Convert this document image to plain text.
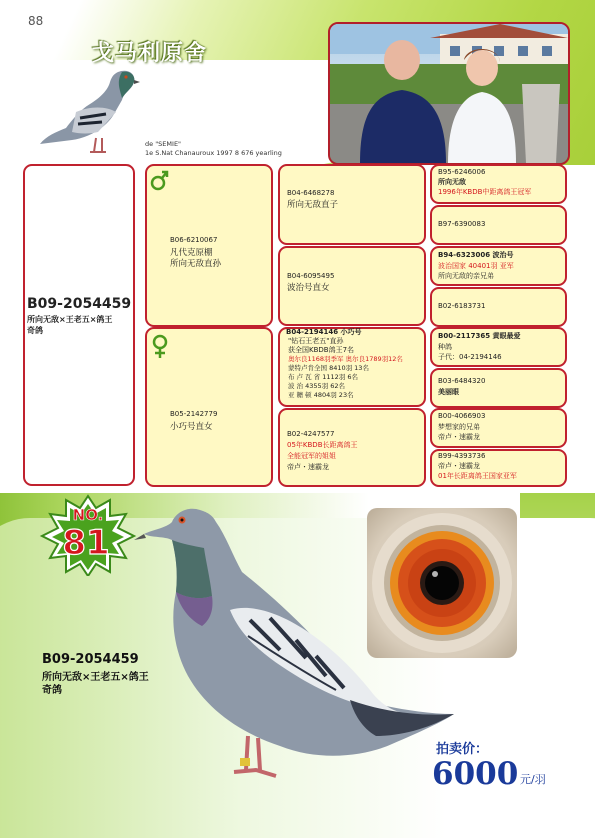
88
戈马利原舍
de "SEMIE"
1e S.Nat Chanauroux 1997 8 676 yearling
B09-2054459
所向无敌×王老五×鸽王
奇鸽
B06-6210067
凡代克原棚
所向无敌直孙
B05-2142779
小巧号直女
B04-6468278
所向无敌直子
B04-6095495
波治号直女
B04-2194146 小巧号
"钻石王老五"直孙
获全国KBDB鸽王7名
奥尔良1168羽季军 奥尔良1789羽12名
蒙特卢肯全国 8410羽 13名
布 卢 瓦 省 1112羽 6名
波 治 4355羽 62名
亚 耱 顿 4804羽 23名
B02-4247577
05年KBDB长距离鸽王
全能冠军的姐姐
帝卢・速霸龙
B95-6246006
所向无敌
1996年KBDB中距离鸽王冠军
B97-6390083
B94-6323006 波治号
波治国家 40401羽 亚军
所向无敌的亲兄弟
B02-6183731
B00-2117365 黄眼最爱
种鸽
子代：04-2194146
B03-6484320
美丽眼
B00-4066903
梦想家的兄弟
帝卢・速霸龙
B99-4393736
帝卢・速霸龙
01年长距离鸽王国家亚军
NO.
81
B09-2054459
所向无敌×王老五×鸽王
奇鸽
拍卖价：
6000 元/羽
